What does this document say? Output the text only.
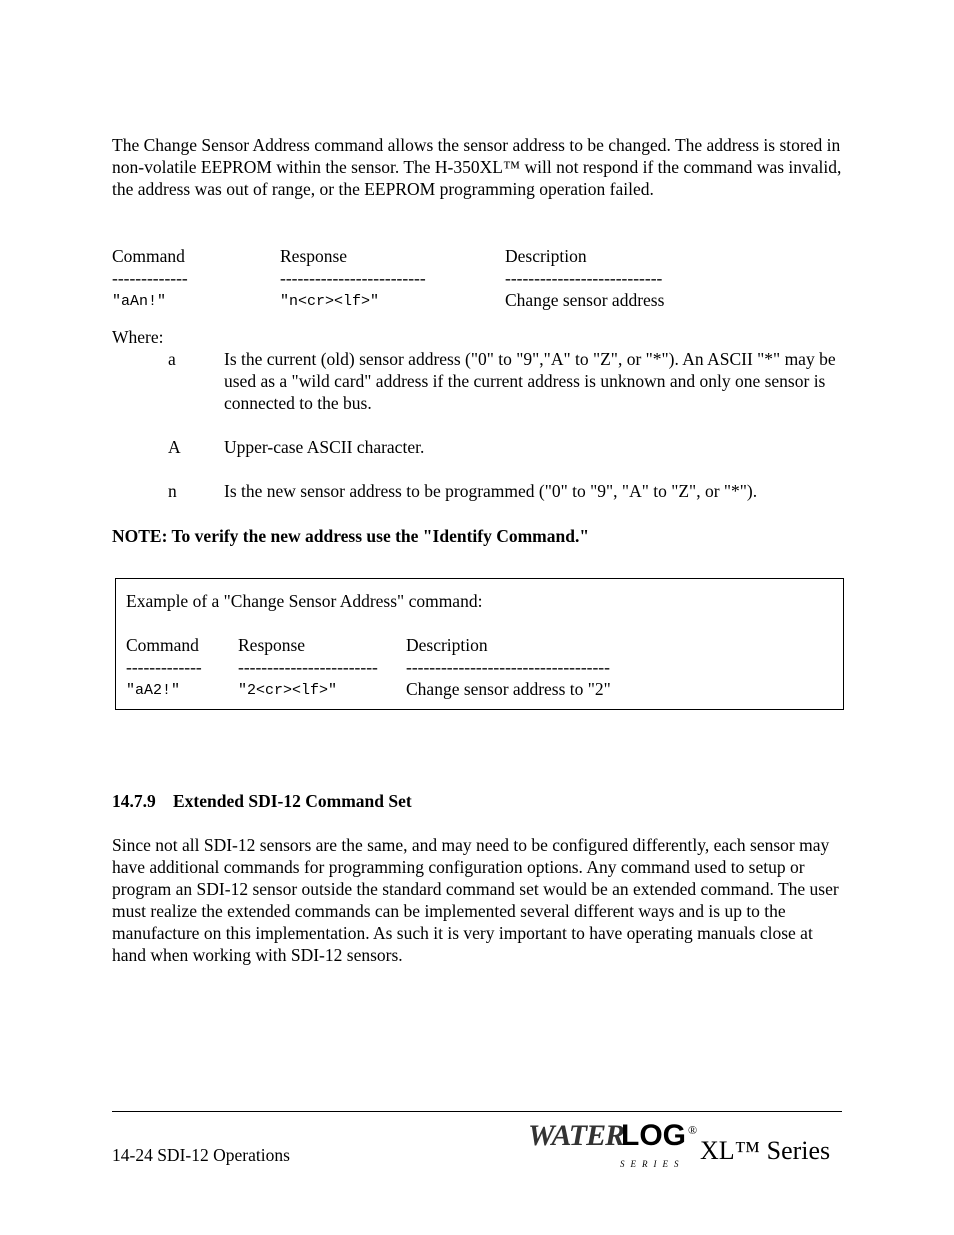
The Change Sensor Address command allows the sensor address to be changed. The address is stored in non-volatile EEPROM within the sensor. The H-350XL™ will not respond if the command was invalid, the address was out of range, or the EEPROM programming operation failed.
Command	Response	Description
-------------	-------------------------	---------------------------
"aAn!"	"n<cr><lf>"	Change sensor address
Where:
a	Is the current (old) sensor address ("0" to "9","A" to "Z", or "*"). An ASCII "*" may be used as a "wild card" address if the current address is unknown and only one sensor is connected to the bus.
A Upper-case ASCII character.
n	Is the new sensor address to be programmed ("0" to "9", "A" to "Z", or "*").
NOTE: To verify the new address use the "Identify Command."
Example of a "Change Sensor Address" command:
Command Response	Description
------------- ------------------------ -----------------------------------
"aA2!"	"2<cr><lf>"	Change sensor address to "2"
14.7.9 Extended SDI-12 Command Set
Since not all SDI-12 sensors are the same, and may need to be configured differently, each sensor may have additional commands for programming configuration options. Any command used to setup or program an SDI-12 sensor outside the standard command set would be an extended command. The user must realize the extended commands can be implemented several different ways and is up to the manufacture on this implementation. As such it is very important to have operating manuals close at hand when working with SDI-12 sensors.
14-24 SDI-12 Operations
WATER
LOG ®
SERIES XL™ Series
